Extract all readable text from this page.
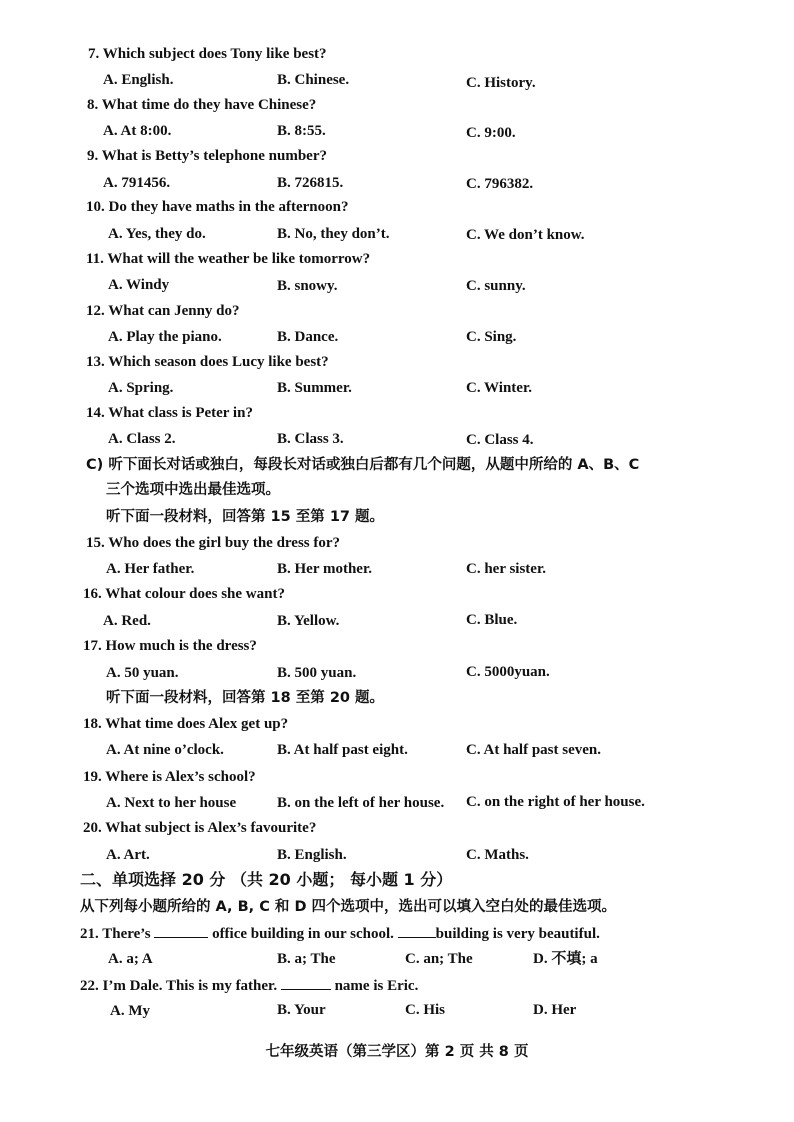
7. Which subject does Tony like best?
A. English.	B. Chinese.	C. History.
8. What time do they have Chinese?
A. At 8:00.	B. 8:55.	C. 9:00.
9. What is Betty’s telephone number?
A. 791456.	B. 726815.	C. 796382.
10. Do they have maths in the afternoon?
A. Yes, they do.	B. No, they don’t.	C. We don’t know.
11. What will the weather be like tomorrow?
A. Windy	B. snowy.	C. sunny.
12. What can Jenny do?
A. Play the piano.	B. Dance.	C. Sing.
13. Which season does Lucy like best?
A. Spring.	B. Summer.	C. Winter.
14. What class is Peter in?
A. Class 2.	B. Class 3.	C. Class 4.
C) 听下面长对话或独白，每段长对话或独白后都有几个问题，从题中所给的 A、B、C
三个选项中选出最佳选项。
听下面一段材料，回答第 15 至第 17 题。
15. Who does the girl buy the dress for?
A. Her father.	B. Her mother.	C. her sister.
16. What colour does she want?
A. Red.	B. Yellow.	C. Blue.
17. How much is the dress?
A. 50 yuan.	B. 500 yuan.	C. 5000yuan.
听下面一段材料，回答第 18 至第 20 题。
18. What time does Alex get up?
A. At nine o’clock.	B. At half past eight.	C. At half past seven.
19. Where is Alex’s school?
A. Next to her house	B. on the left of her house. C. on the right of her house.
20. What subject is Alex’s favourite?
A. Art.	B. English.	C. Maths.
二、单项选择 20 分 （共 20 小题； 每小题 1 分）
从下列每小题所给的 A, B, C 和 D 四个选项中，选出可以填入空白处的最佳选项。
21. There’s	office building in our school.	building is very beautiful.
A. a; A	B. a; The	C. an; The	D. 不填; a
22. I’m Dale. This is my father.	name is Eric.
A. My	B. Your	C. His	D. Her
七年级英语（第三学区）第 2 页 共 8 页
